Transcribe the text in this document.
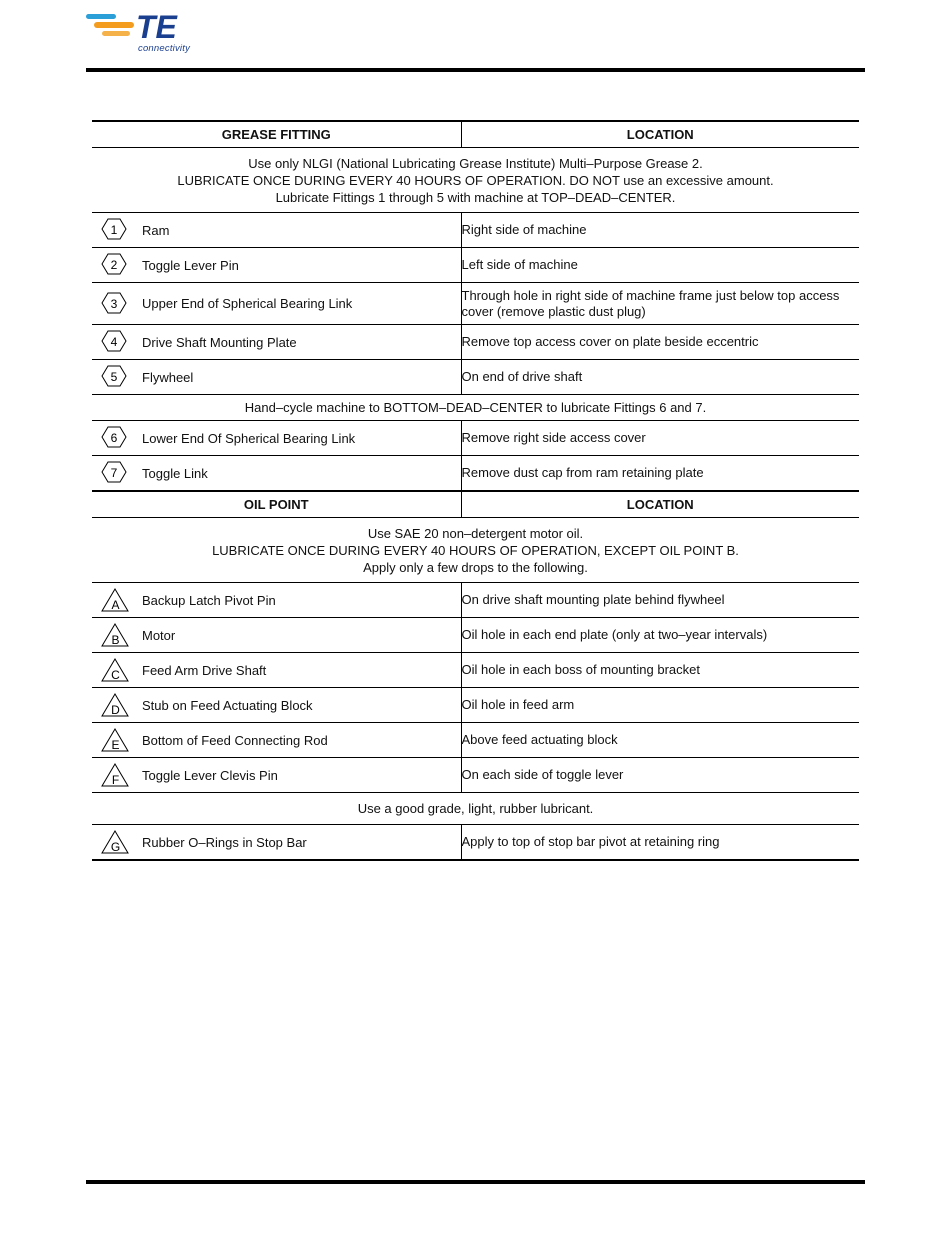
TE
connectivity
GREASE FITTING	LOCATION

Use only NLGI (National Lubricating Grease Institute) Multi–Purpose Grease 2.
LUBRICATE ONCE DURING EVERY 40 HOURS OF OPERATION. DO NOT use an excessive amount.
Lubricate Fittings 1 through 5 with machine at TOP–DEAD–CENTER.	

1 Ram	Right side of machine

2 Toggle Lever Pin	Left side of machine

3 Upper End of Spherical Bearing Link	Through hole in right side of machine frame just below top access cover (remove plastic dust plug)

4 Drive Shaft Mounting Plate	Remove top access cover on plate beside eccentric

5 Flywheel	On end of drive shaft
Hand–cycle machine to BOTTOM–DEAD–CENTER to lubricate Fittings 6 and 7.	

6 Lower End Of Spherical Bearing Link	Remove right side access cover

7 Toggle Link	Remove dust cap from ram retaining plate
OIL POINT	LOCATION

Use SAE 20 non–detergent motor oil.
LUBRICATE ONCE DURING EVERY 40 HOURS OF OPERATION, EXCEPT OIL POINT B.
Apply only a few drops to the following.	

A Backup Latch Pivot Pin	On drive shaft mounting plate behind flywheel

B Motor	Oil hole in each end plate (only at two–year intervals)

C Feed Arm Drive Shaft	Oil hole in each boss of mounting bracket

D Stub on Feed Actuating Block	Oil hole in feed arm

E Bottom of Feed Connecting Rod	Above feed actuating block

F Toggle Lever Clevis Pin	On each side of toggle lever
Use a good grade, light, rubber lubricant.	

G Rubber O–Rings in Stop Bar	Apply to top of stop bar pivot at retaining ring
